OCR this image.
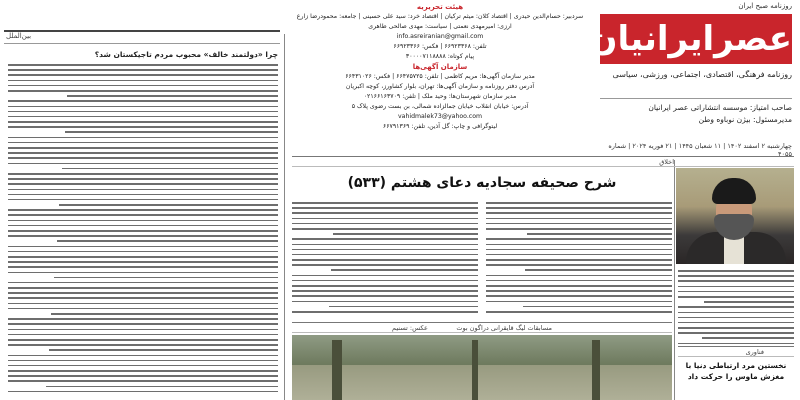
روزنامه صبح ایران
عصرایرانیان
روزنامه فرهنگی، اقتصادی، اجتماعی، ورزشی، سیاسی
صاحب امتیاز: موسسه انتشاراتی عصر ایرانیان
مدیرمسئول: بیژن نوباوه وطن
چهارشنبه ۲ اسفند ۱۴۰۲ | ۱۱ شعبان ۱۴۴۵ | ۲۱ فوریه ۲۰۲۴ | شماره ۴۰۵۵
هیئت تحریریه
سردبیر: حسام‌الدین حیدری | اقتصاد کلان: میثم ترکیان | اقتصاد خرد: سید علی حسینی | جامعه: محمودرضا زارع
ارزی: امیرمهدی نعمتی | سیاست: مهدی صالحی طاهری
info.asreiranian@gmail.com
تلفن: ۶۶۹۲۳۳۶۸ | فکس: ۶۶۹۲۳۳۶۶
پیام کوتاه: ۳۰۰۰۰۷۱۱۸۸۸۸
سازمان آگهی‌ها
مدیر سازمان آگهی‌ها: مریم کاظمی | تلفن: ۶۶۴۷۵۷۲۵ | فکس: ۶۶۴۳۱۰۲۶
آدرس دفتر روزنامه و سازمان آگهی‌ها: تهران، بلوار کشاورز، کوچه اکبریان
مدیر سازمان شهرستان‌ها: وحید ملک | تلفن: ۰۲۱۶۶۱۶۳۷۰۹
آدرس: خیابان انقلاب خیابان جمالزاده شمالی، بن بست رضوی پلاک ۵
vahidmalek73@yahoo.com
لیتوگرافی و چاپ: گل آذین، تلفن: ۶۶۷۹۱۳۶۹
بین‌الملل
چرا «دولتمند خالف» محبوب مردم تاجیکستان شد؟
اخلاق
شرح صحیفه سجادیه دعای هشتم (۵۳۳)
مسابقات لیگ قایقرانی دراگون بوت
عکس: تسنیم
فناوری
نخستین مرد ارتباطی دنیا با مغزش ماوس را حرکت داد
